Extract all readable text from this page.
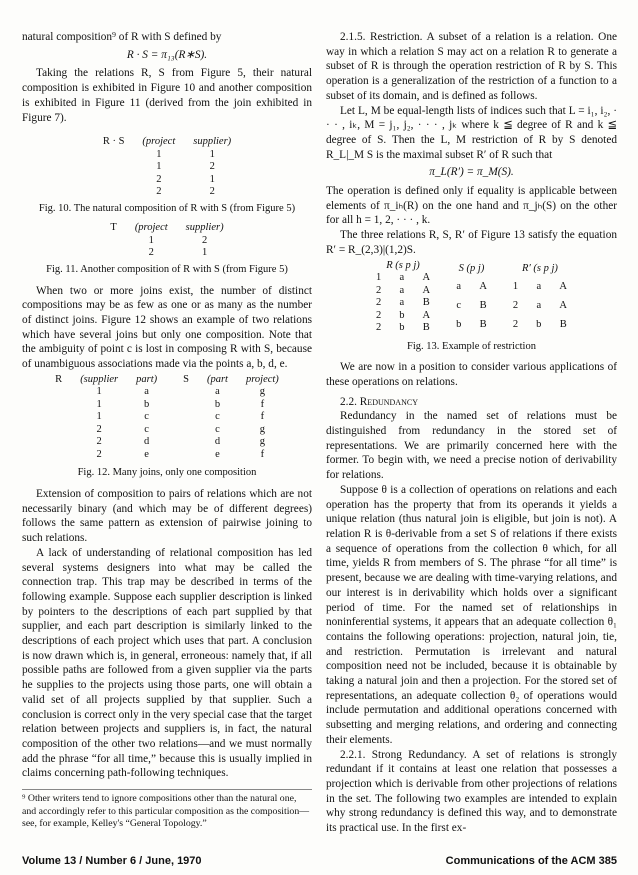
natural composition⁹ of R with S defined by

R · S = π₁₃(R∗S).

Taking the relations R, S from Figure 5, their natural composition is exhibited in Figure 10 and another composition is exhibited in Figure 11 (derived from the join exhibited in Figure 7).

R · S	(project	supplier)
	1	1
	1	2
	2	1
	2	2
Fig. 10. The natural composition of R with S (from Figure 5)
T	(project	supplier)
	1	2
	2	1
Fig. 11. Another composition of R with S (from Figure 5)

When two or more joins exist, the number of distinct compositions may be as few as one or as many as the number of distinct joins. Figure 12 shows an example of two relations which have several joins but only one composition. Note that the ambiguity of point c is lost in composing R with S, because of unambiguous associations made via the points a, b, d, e.

R	(supplier	part)
	1	a
	1	b
	1	c
	2	c
	2	d
	2	e
S	(part	project)
	a	g
	b	f
	c	f
	c	g
	d	g
	e	f
Fig. 12. Many joins, only one composition

Extension of composition to pairs of relations which are not necessarily binary (and which may be of different degrees) follows the same pattern as extension of pairwise joining to such relations.

A lack of understanding of relational composition has led several systems designers into what may be called the connection trap. This trap may be described in terms of the following example. Suppose each supplier description is linked by pointers to the descriptions of each part supplied by that supplier, and each part description is similarly linked to the descriptions of each project which uses that part. A conclusion is now drawn which is, in general, erroneous: namely that, if all possible paths are followed from a given supplier via the parts he supplies to the projects using those parts, one will obtain a valid set of all projects supplied by that supplier. Such a conclusion is correct only in the very special case that the target relation between projects and suppliers is, in fact, the natural composition of the other two relations—and we must normally add the phrase “for all time,” because this is usually implied in claims concerning path-following techniques.

⁹ Other writers tend to ignore compositions other than the natural one, and accordingly refer to this particular composition as the composition—see, for example, Kelley's “General Topology.”

2.1.5. Restriction. A subset of a relation is a relation. One way in which a relation S may act on a relation R to generate a subset of R is through the operation restriction of R by S. This operation is a generalization of the restriction of a function to a subset of its domain, and is defined as follows.

Let L, M be equal-length lists of indices such that L = i₁, i₂, · · · , iₖ, M = j₁, j₂, · · · , jₖ where k ≦ degree of R and k ≦ degree of S. Then the L, M restriction of R by S denoted R_L|_M S is the maximal subset R′ of R such that

π_L(R′) = π_M(S).

The operation is defined only if equality is applicable between elements of π_iₕ(R) on the one hand and π_jₕ(S) on the other for all h = 1, 2, · · · , k.

The three relations R, S, R′ of Figure 13 satisfy the equation R′ = R_(2,3)|(1,2)S.

R (s p j)		
1	a	A
2	a	A
2	a	B
2	b	A
2	b	B
S (p j)	
a	A
c	B
b	B
R′ (s p j)		
1	a	A
2	a	A
2	b	B
Fig. 13. Example of restriction

We are now in a position to consider various applications of these operations on relations.

2.2. Redundancy

Redundancy in the named set of relations must be distinguished from redundancy in the stored set of representations. We are primarily concerned here with the former. To begin with, we need a precise notion of derivability for relations.

Suppose θ is a collection of operations on relations and each operation has the property that from its operands it yields a unique relation (thus natural join is eligible, but join is not). A relation R is θ-derivable from a set S of relations if there exists a sequence of operations from the collection θ which, for all time, yields R from members of S. The phrase “for all time” is present, because we are dealing with time-varying relations, and our interest is in derivability which holds over a significant period of time. For the named set of relationships in noninferential systems, it appears that an adequate collection θ₁ contains the following operations: projection, natural join, tie, and restriction. Permutation is irrelevant and natural composition need not be included, because it is obtainable by taking a natural join and then a projection. For the stored set of representations, an adequate collection θ₂ of operations would include permutation and additional operations concerned with subsetting and merging relations, and ordering and connecting their elements.

2.2.1. Strong Redundancy. A set of relations is strongly redundant if it contains at least one relation that possesses a projection which is derivable from other projections of relations in the set. The following two examples are intended to explain why strong redundancy is defined this way, and to demonstrate its practical use. In the first ex-

Volume 13 / Number 6 / June, 1970	Communications of the ACM 385
